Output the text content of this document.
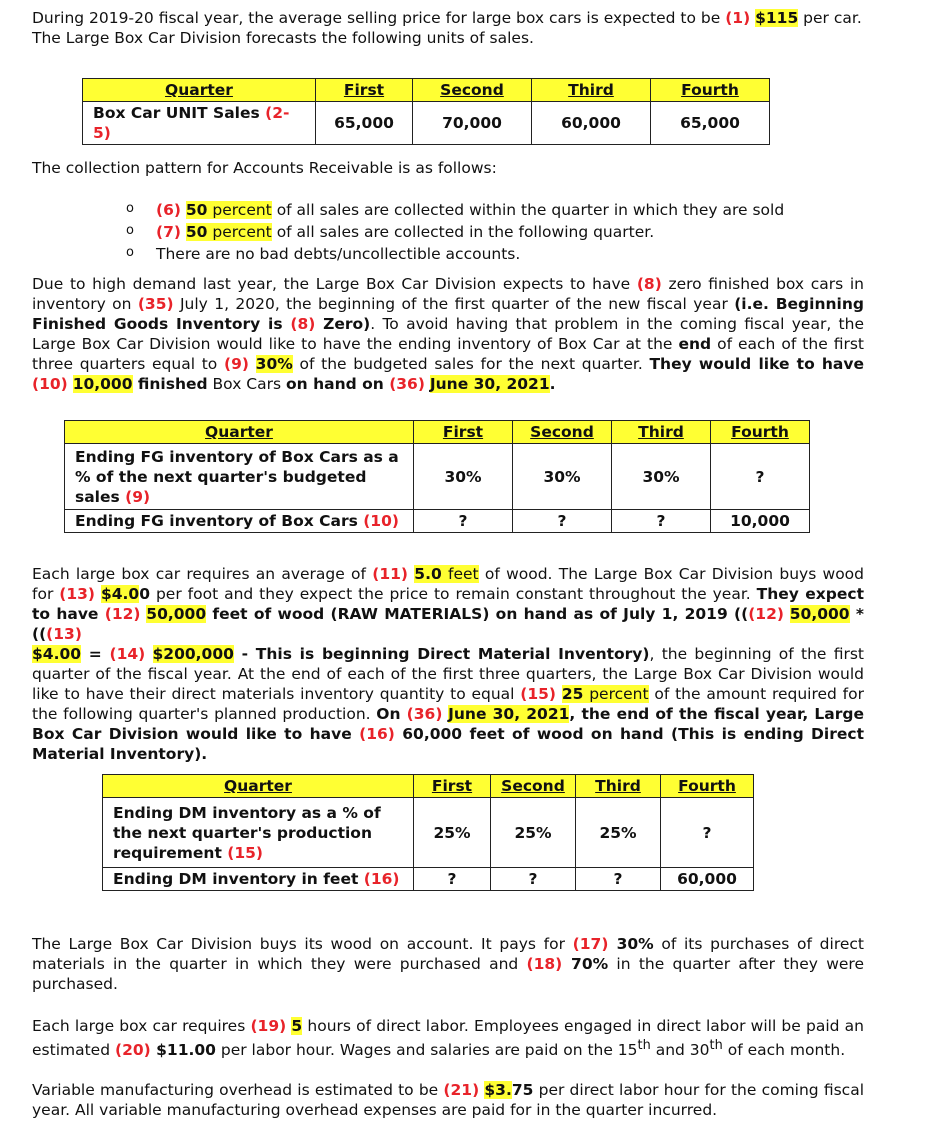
During 2019-20 fiscal year, the average selling price for large box cars is expected to be (1) $115 per car.
The Large Box Car Division forecasts the following units of sales.

Quarter	First	Second	Third	Fourth
Box Car UNIT Sales (2-5)	65,000	70,000	60,000	65,000

The collection pattern for Accounts Receivable is as follows:

o (6) 50 percent of all sales are collected within the quarter in which they are sold
o (7) 50 percent of all sales are collected in the following quarter.
o There are no bad debts/uncollectible accounts.

Due to high demand last year, the Large Box Car Division expects to have (8) zero finished box cars in inventory on (35) July 1, 2020, the beginning of the first quarter of the new fiscal year (i.e. Beginning Finished Goods Inventory is (8) Zero). To avoid having that problem in the coming fiscal year, the Large Box Car Division would like to have the ending inventory of Box Car at the end of each of the first three quarters equal to (9) 30% of the budgeted sales for the next quarter. They would like to have (10) 10,000 finished Box Cars on hand on (36) June 30, 2021.

Quarter	First	Second	Third	Fourth
Ending FG inventory of Box Cars as a % of the next quarter's budgeted sales (9)	30%	30%	30%	?
Ending FG inventory of Box Cars (10)	?	?	?	10,000

Each large box car requires an average of (11) 5.0 feet of wood. The Large Box Car Division buys wood for (13) $4.00 per foot and they expect the price to remain constant throughout the year. They expect to have (12) 50,000 feet of wood (RAW MATERIALS) on hand as of July 1, 2019 (((12) 50,000 * (((13)
$4.00 = (14) $200,000 - This is beginning Direct Material Inventory), the beginning of the first quarter of the fiscal year. At the end of each of the first three quarters, the Large Box Car Division would like to have their direct materials inventory quantity to equal (15) 25 percent of the amount required for the following quarter's planned production. On (36) June 30, 2021, the end of the fiscal year, Large Box Car Division would like to have (16) 60,000 feet of wood on hand (This is ending Direct Material Inventory).

Quarter	First	Second	Third	Fourth
Ending DM inventory as a % of the next quarter's production requirement (15)	25%	25%	25%	?
Ending DM inventory in feet (16)	?	?	?	60,000

The Large Box Car Division buys its wood on account. It pays for (17) 30% of its purchases of direct materials in the quarter in which they were purchased and (18) 70% in the quarter after they were purchased.

Each large box car requires (19) 5 hours of direct labor. Employees engaged in direct labor will be paid an estimated (20) $11.00 per labor hour. Wages and salaries are paid on the 15th and 30th of each month.

Variable manufacturing overhead is estimated to be (21) $3.75 per direct labor hour for the coming fiscal year. All variable manufacturing overhead expenses are paid for in the quarter incurred.
